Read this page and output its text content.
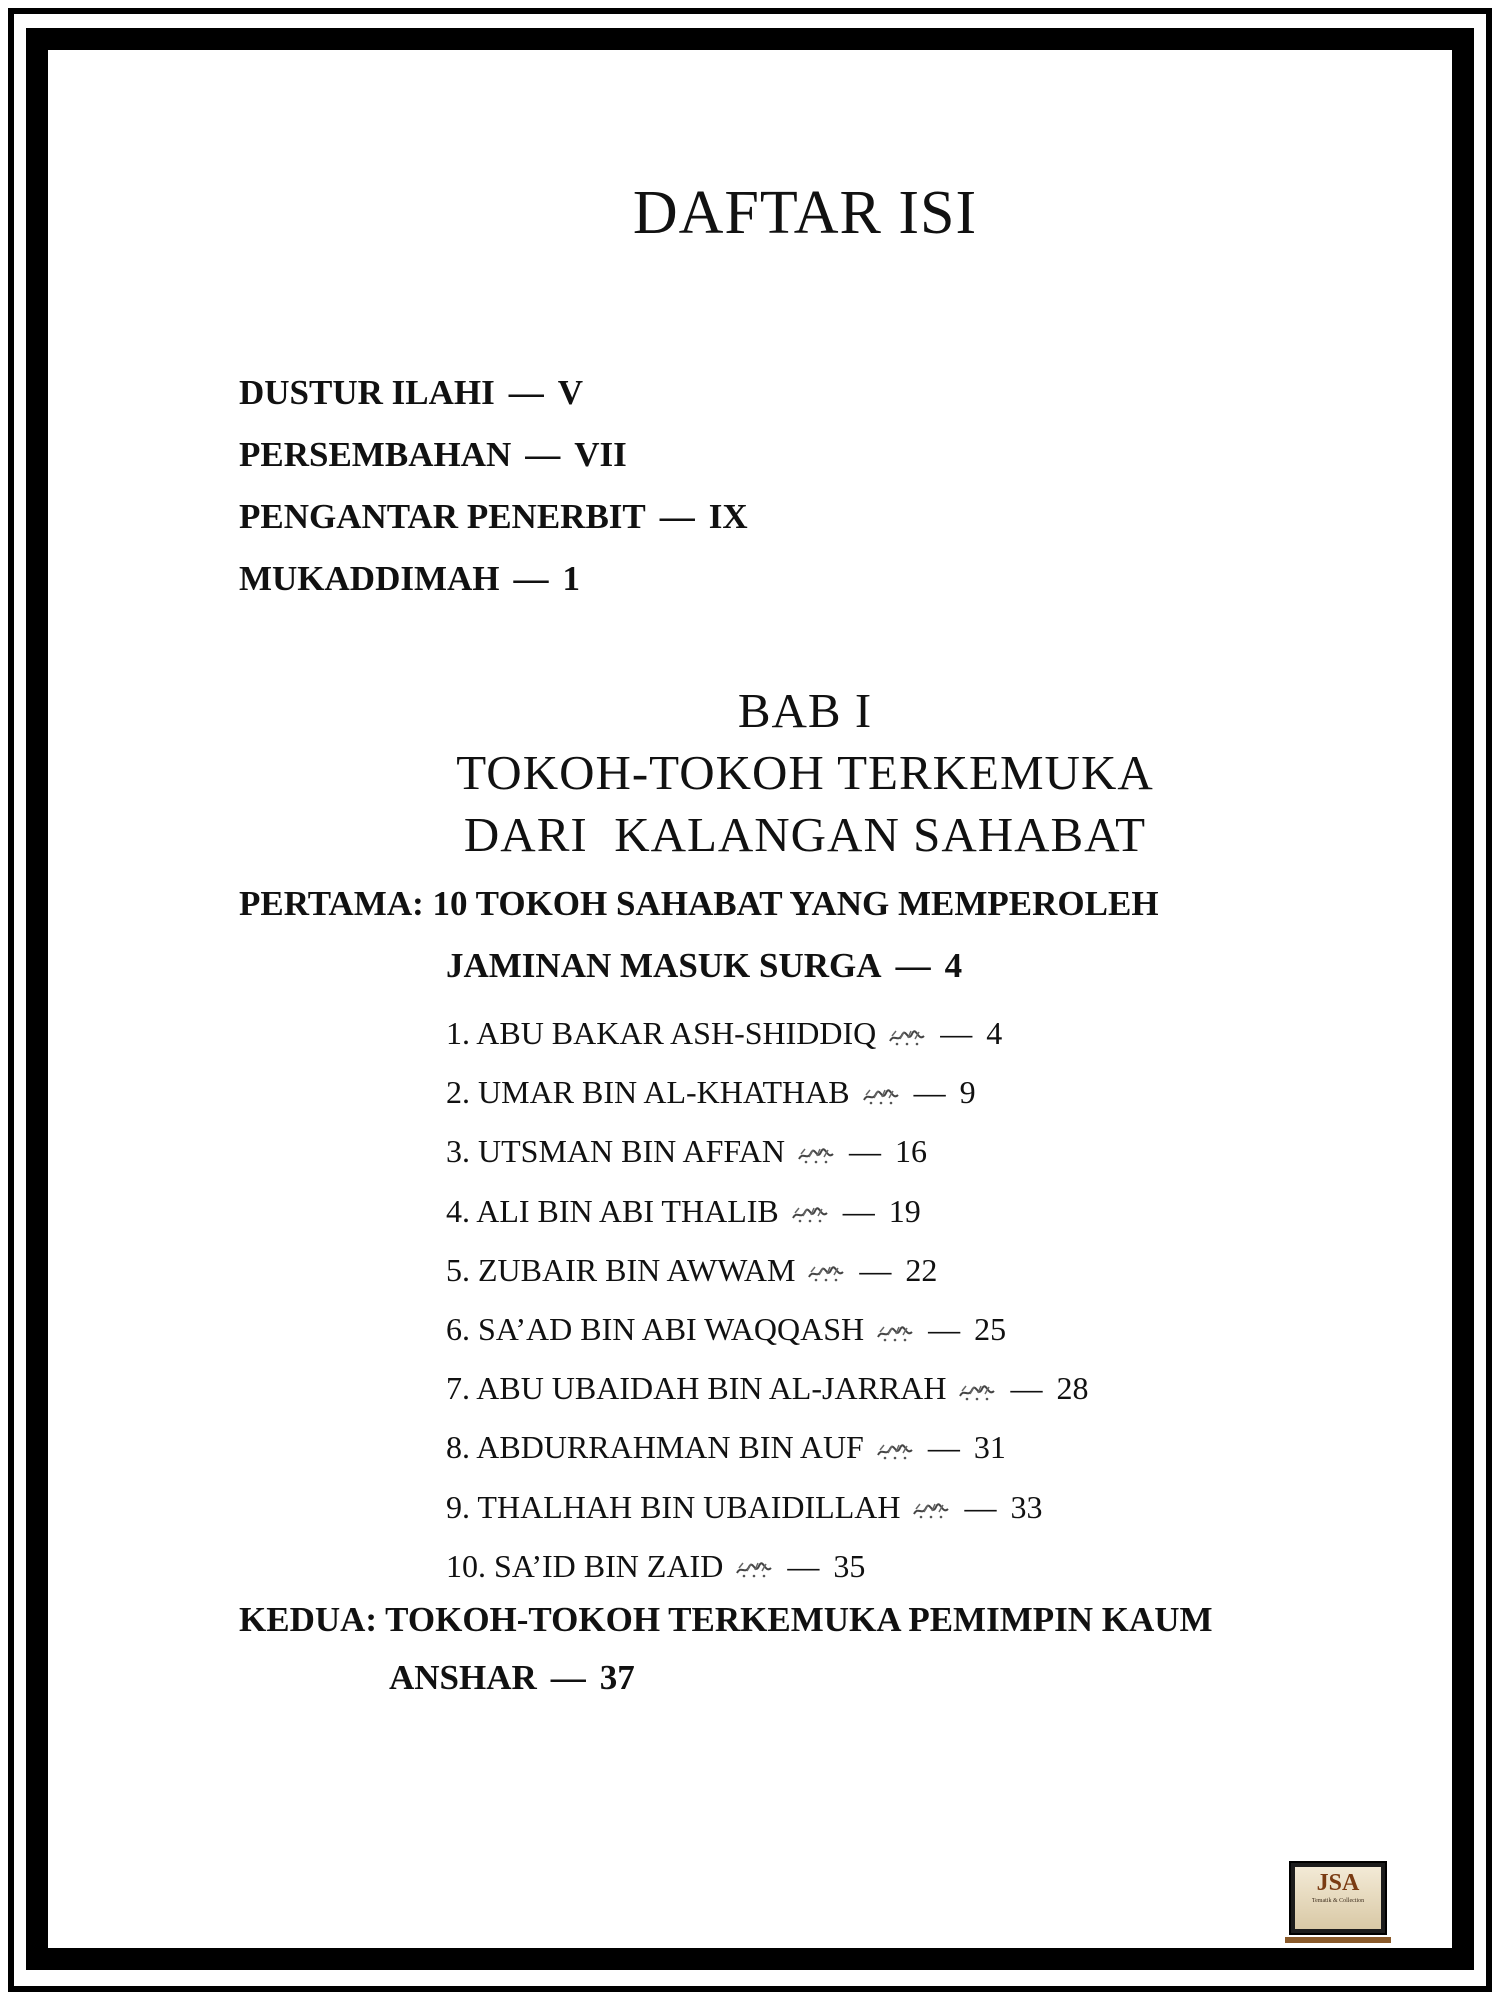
DAFTAR ISI
DUSTUR ILAHI — V
PERSEMBAHAN — VII
PENGANTAR PENERBIT — IX
MUKADDIMAH — 1
BAB I
TOKOH-TOKOH TERKEMUKA
DARI  KALANGAN SAHABAT
PERTAMA: 10 TOKOH SAHABAT YANG MEMPEROLEH
JAMINAN MASUK SURGA — 4
1. ABU BAKAR ASH-SHIDDIQ — 4
2. UMAR BIN AL-KHATHAB — 9
3. UTSMAN BIN AFFAN — 16
4. ALI BIN ABI THALIB — 19
5. ZUBAIR BIN AWWAM — 22
6. SA’AD BIN ABI WAQQASH — 25
7. ABU UBAIDAH BIN AL-JARRAH — 28
8. ABDURRAHMAN BIN AUF — 31
9. THALHAH BIN UBAIDILLAH — 33
10. SA’ID BIN ZAID — 35
KEDUA: TOKOH-TOKOH TERKEMUKA PEMIMPIN KAUM
ANSHAR — 37
JSA
Tematik & Collection
